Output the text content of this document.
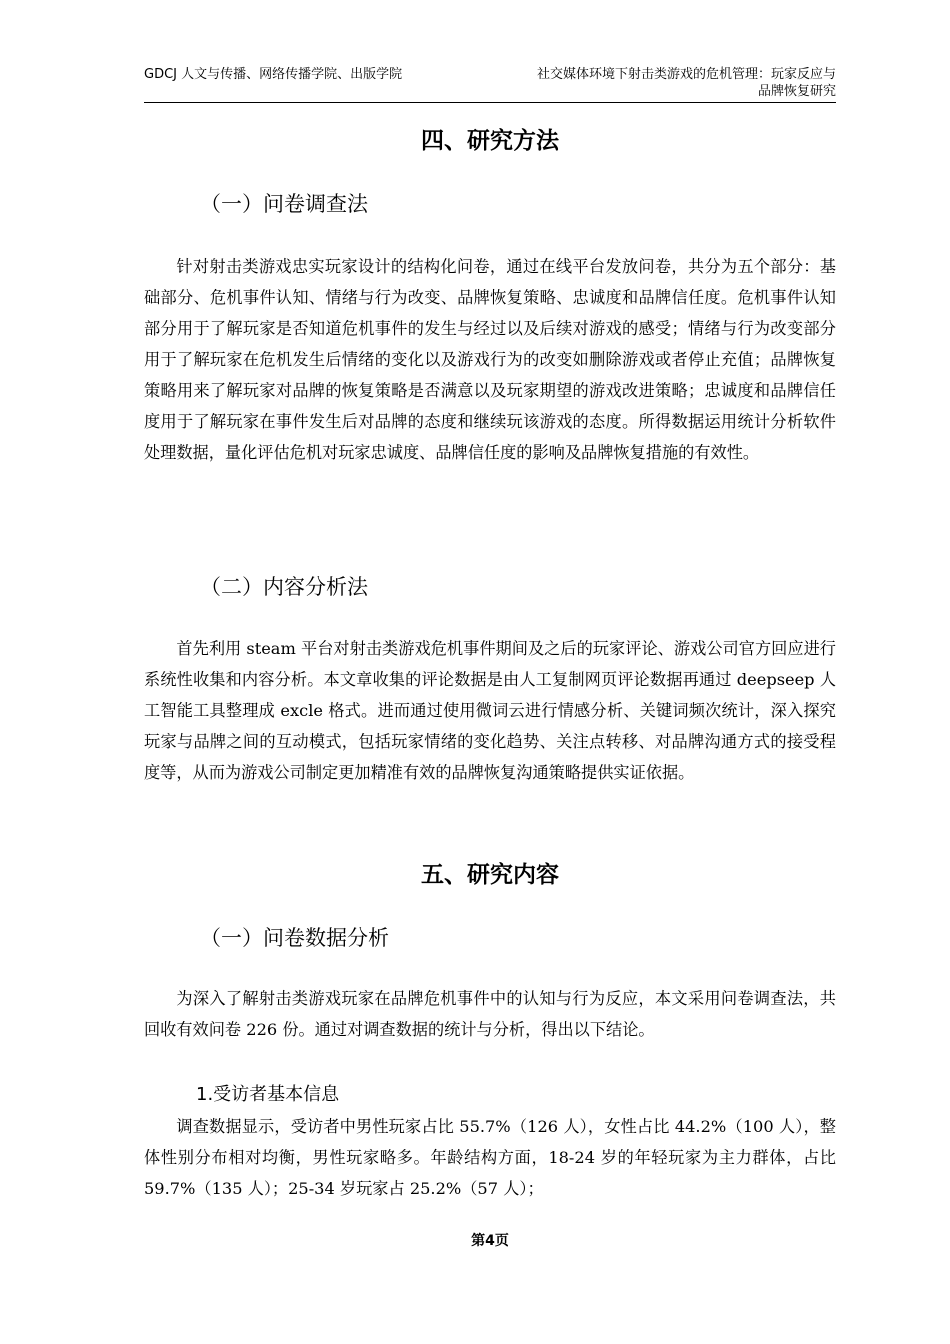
GDCJ 人文与传播、网络传播学院、出版学院	社交媒体环境下射击类游戏的危机管理：玩家反应与品牌恢复研究
四、研究方法
（一）问卷调查法

针对射击类游戏忠实玩家设计的结构化问卷，通过在线平台发放问卷，共分为五个部分：基础部分、危机事件认知、情绪与行为改变、品牌恢复策略、忠诚度和品牌信任度。危机事件认知部分用于了解玩家是否知道危机事件的发生与经过以及后续对游戏的感受；情绪与行为改变部分用于了解玩家在危机发生后情绪的变化以及游戏行为的改变如删除游戏或者停止充值；品牌恢复策略用来了解玩家对品牌的恢复策略是否满意以及玩家期望的游戏改进策略；忠诚度和品牌信任度用于了解玩家在事件发生后对品牌的态度和继续玩该游戏的态度。所得数据运用统计分析软件处理数据，量化评估危机对玩家忠诚度、品牌信任度的影响及品牌恢复措施的有效性。

（二）内容分析法

首先利用 steam 平台对射击类游戏危机事件期间及之后的玩家评论、游戏公司官方回应进行系统性收集和内容分析。本文章收集的评论数据是由人工复制网页评论数据再通过 deepseep 人工智能工具整理成 excle 格式。进而通过使用微词云进行情感分析、关键词频次统计，深入探究玩家与品牌之间的互动模式，包括玩家情绪的变化趋势、关注点转移、对品牌沟通方式的接受程度等，从而为游戏公司制定更加精准有效的品牌恢复沟通策略提供实证依据。

五、研究内容
（一）问卷数据分析

为深入了解射击类游戏玩家在品牌危机事件中的认知与行为反应，本文采用问卷调查法，共回收有效问卷 226 份。通过对调查数据的统计与分析，得出以下结论。

1.受访者基本信息

调查数据显示，受访者中男性玩家占比 55.7%（126 人），女性占比 44.2%（100 人），整体性别分布相对均衡，男性玩家略多。年龄结构方面，18-24 岁的年轻玩家为主力群体，占比 59.7%（135 人）；25-34 岁玩家占 25.2%（57 人）；

第4页
